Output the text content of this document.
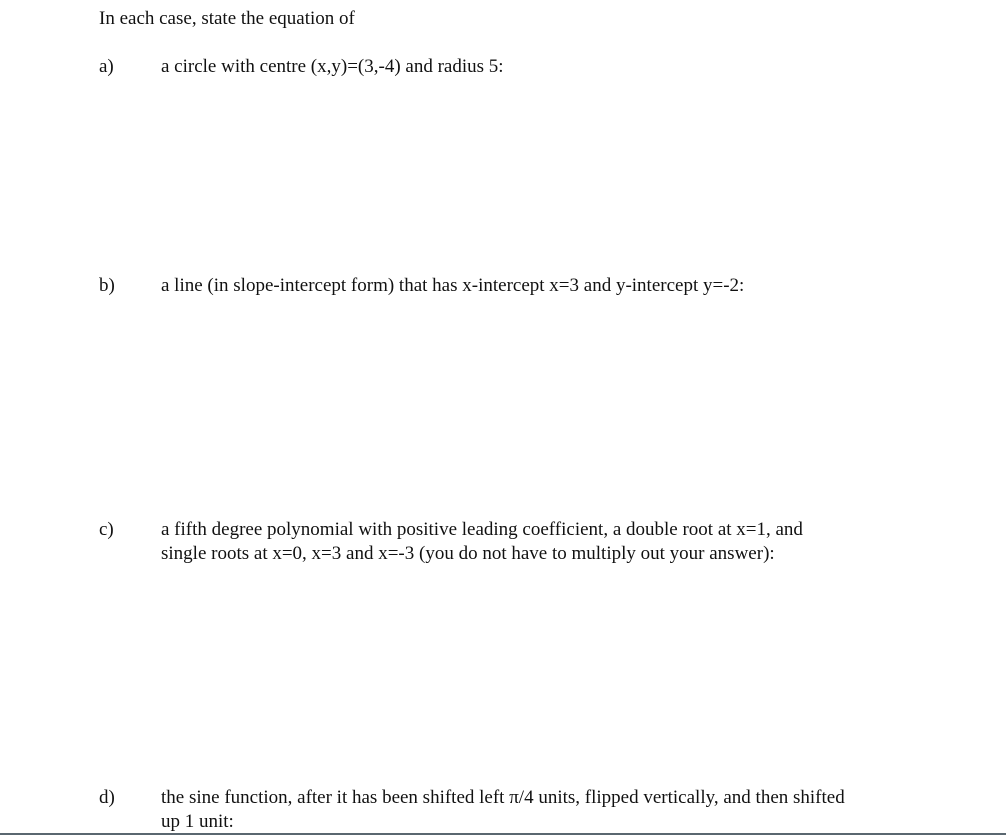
In each case, state the equation of

a) a circle with centre (x,y)=(3,-4) and radius 5:
b) a line (in slope-intercept form) that has x-intercept x=3 and y-intercept y=-2:
c) a fifth degree polynomial with positive leading coefficient, a double root at x=1, and
single roots at x=0, x=3 and x=-3 (you do not have to multiply out your answer):
d) the sine function, after it has been shifted left π/4 units, flipped vertically, and then shifted
up 1 unit:
